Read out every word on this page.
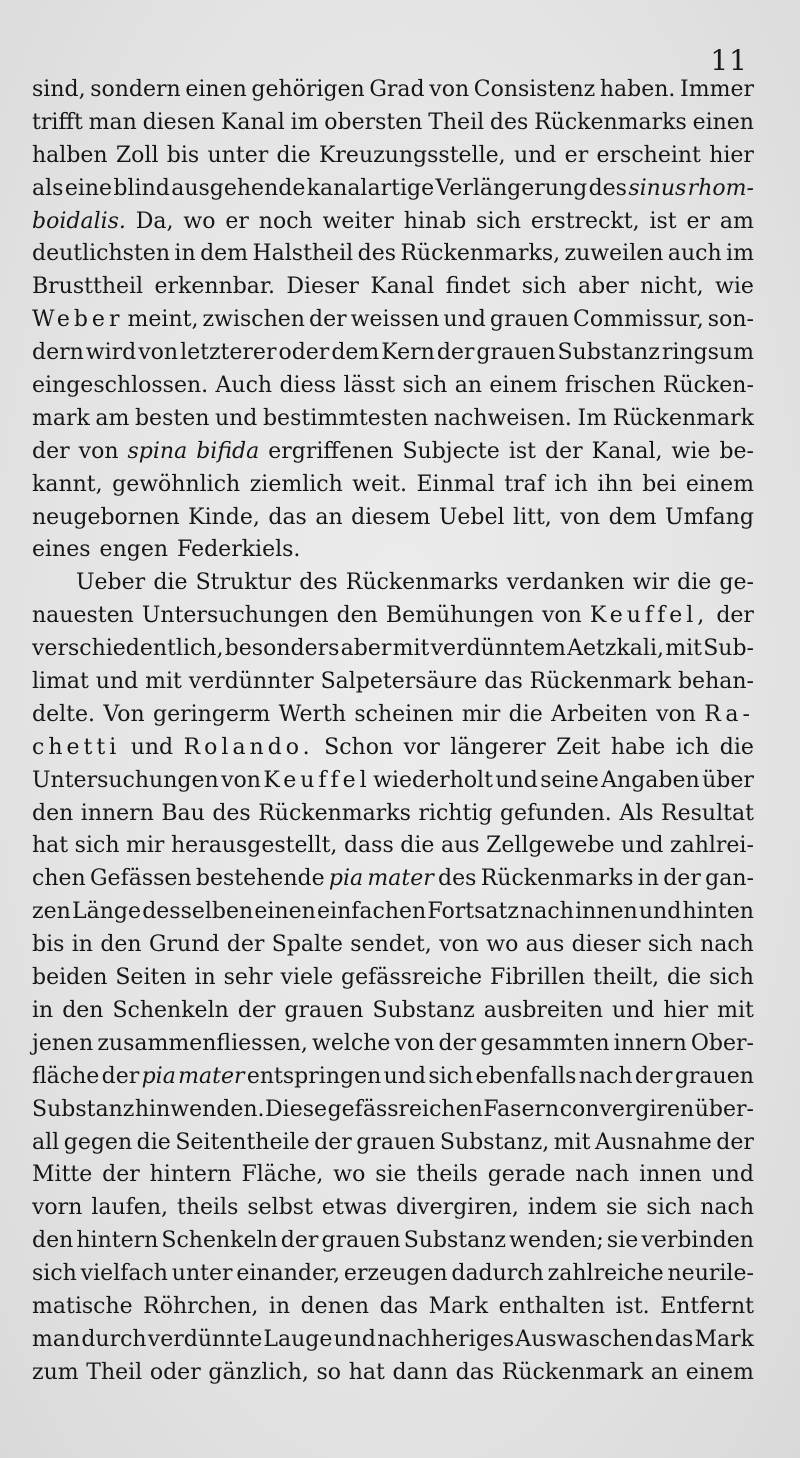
11
sind, sondern einen gehörigen Grad von Consistenz haben. Immer
trifft man diesen Kanal im obersten Theil des Rückenmarks einen
halben Zoll bis unter die Kreuzungsstelle, und er erscheint hier
als eine blind ausgehende kanalartige Verlängerung des sinus rhom-
boidalis. Da, wo er noch weiter hinab sich erstreckt, ist er am
deutlichsten in dem Halstheil des Rückenmarks, zuweilen auch im
Brusttheil erkennbar. Dieser Kanal findet sich aber nicht, wie
Weber meint, zwischen der weissen und grauen Commissur, son-
dern wird von letzterer oder dem Kern der grauen Substanz ringsum
eingeschlossen. Auch diess lässt sich an einem frischen Rücken-
mark am besten und bestimmtesten nachweisen. Im Rückenmark
der von spina bifida ergriffenen Subjecte ist der Kanal, wie be-
kannt, gewöhnlich ziemlich weit. Einmal traf ich ihn bei einem
neugebornen Kinde, das an diesem Uebel litt, von dem Umfang
eines engen Federkiels.
Ueber die Struktur des Rückenmarks verdanken wir die ge-
nauesten Untersuchungen den Bemühungen von Keuffel, der
verschiedentlich, besonders aber mit verdünntem Aetzkali, mit Sub-
limat und mit verdünnter Salpetersäure das Rückenmark behan-
delte. Von geringerm Werth scheinen mir die Arbeiten von Ra-
chetti und Rolando. Schon vor längerer Zeit habe ich die
Untersuchungen von Keuffel wiederholt und seine Angaben über
den innern Bau des Rückenmarks richtig gefunden. Als Resultat
hat sich mir herausgestellt, dass die aus Zellgewebe und zahlrei-
chen Gefässen bestehende pia mater des Rückenmarks in der gan-
zen Länge desselben einen einfachen Fortsatz nach innen und hinten
bis in den Grund der Spalte sendet, von wo aus dieser sich nach
beiden Seiten in sehr viele gefässreiche Fibrillen theilt, die sich
in den Schenkeln der grauen Substanz ausbreiten und hier mit
jenen zusammenfliessen, welche von der gesammten innern Ober-
fläche der pia mater entspringen und sich ebenfalls nach der grauen
Substanz hinwenden. Diese gefässreichen Fasern convergiren über-
all gegen die Seitentheile der grauen Substanz, mit Ausnahme der
Mitte der hintern Fläche, wo sie theils gerade nach innen und
vorn laufen, theils selbst etwas divergiren, indem sie sich nach
den hintern Schenkeln der grauen Substanz wenden; sie verbinden
sich vielfach unter einander, erzeugen dadurch zahlreiche neurile-
matische Röhrchen, in denen das Mark enthalten ist. Entfernt
man durch verdünnte Lauge und nachheriges Auswaschen das Mark
zum Theil oder gänzlich, so hat dann das Rückenmark an einem
